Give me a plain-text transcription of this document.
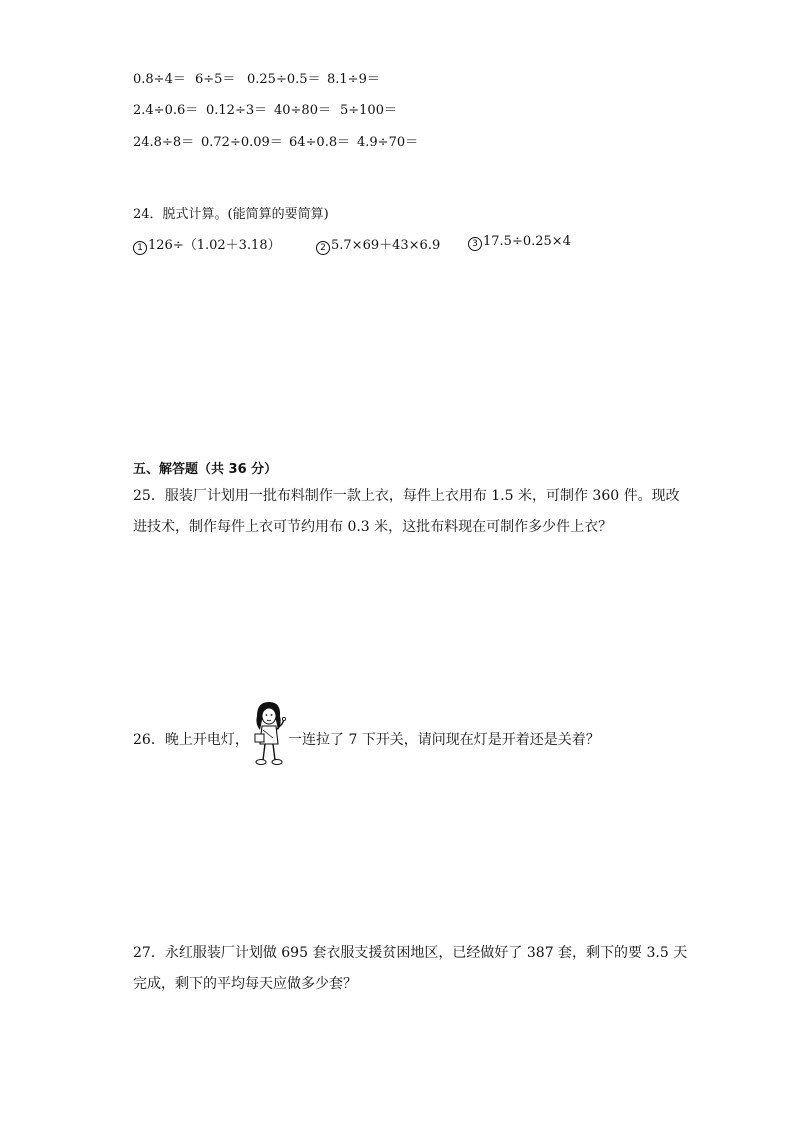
0.8÷4＝ 6÷5＝ 0.25÷0.5＝ 8.1÷9＝
2.4÷0.6＝ 0.12÷3＝ 40÷80＝ 5÷100＝
24.8÷8＝ 0.72÷0.09＝ 64÷0.8＝ 4.9÷70＝
24．脱式计算。(能简算的要简算)
1 126÷（1.02＋3.18）	2 5.7×69＋43×6.9	3 17.5÷0.25×4
五、解答题（共 36 分）
25．服装厂计划用一批布料制作一款上衣，每件上衣用布 1.5 米，可制作 360 件。现改
进技术，制作每件上衣可节约用布 0.3 米，这批布料现在可制作多少件上衣？
26．晚上开电灯，	一连拉了 7 下开关，请问现在灯是开着还是关着？
27．永红服装厂计划做 695 套衣服支援贫困地区，已经做好了 387 套，剩下的要 3.5 天
完成，剩下的平均每天应做多少套？
